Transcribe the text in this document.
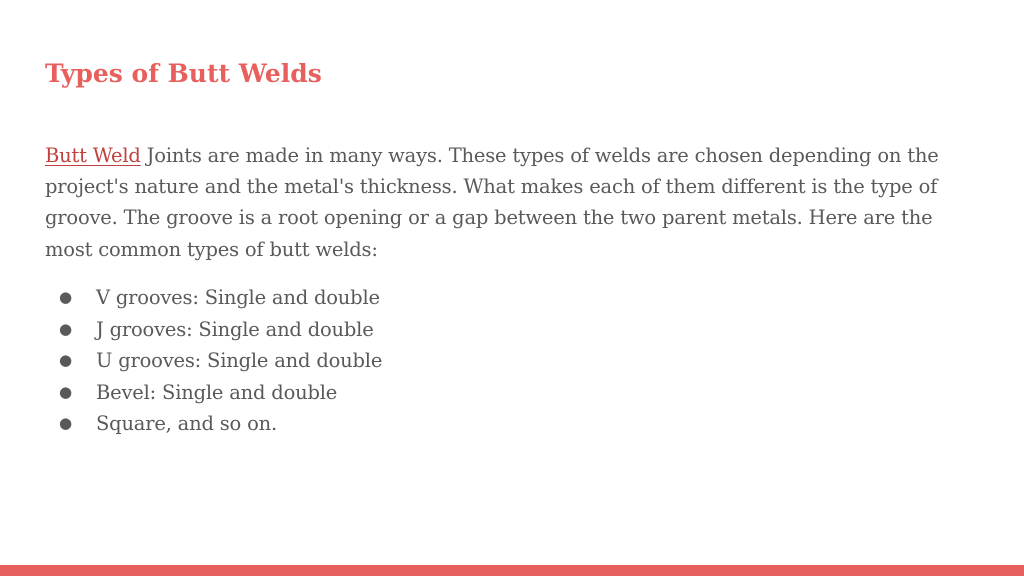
Types of Butt Welds

Butt Weld Joints are made in many ways. These types of welds are chosen depending on the project's nature and the metal's thickness. What makes each of them different is the type of groove. The groove is a root opening or a gap between the two parent metals. Here are the most common types of butt welds:

● V grooves: Single and double
● J grooves: Single and double
● U grooves: Single and double
● Bevel: Single and double
● Square, and so on.
